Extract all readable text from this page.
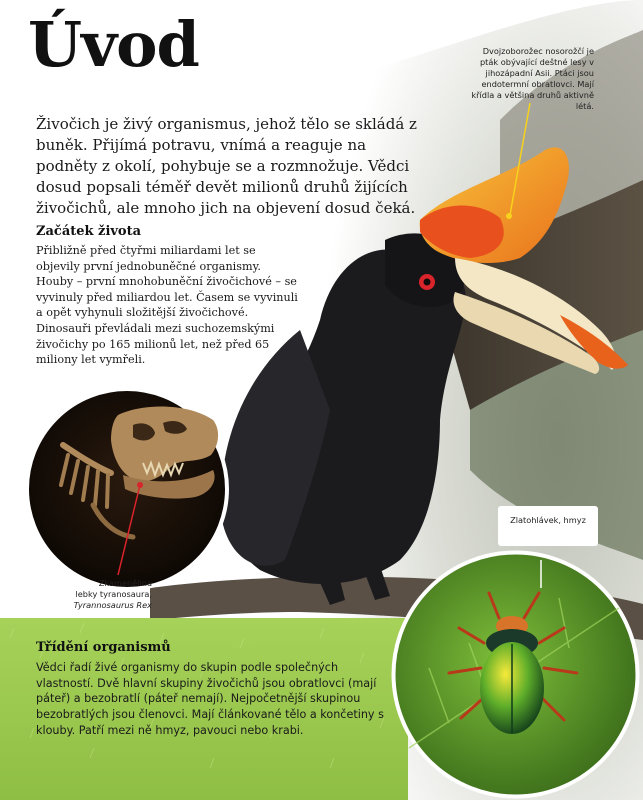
Úvod
Živočich je živý organismus, jehož tělo se skládá z buněk. Přijímá potravu, vnímá a reaguje na podněty z okolí, pohybuje se a rozmnožuje. Vědci dosud popsali téměř devět milionů druhů žijících živočichů, ale mnoho jich na objevení dosud čeká.
Začátek života
Přibližně před čtyřmi miliardami let se objevily první jednobuněčné organismy. Houby – první mnohobuněční živočichové – se vyvinuly před miliardou let. Časem se vyvinuli a opět vyhynuli složitější živočichové. Dinosauři převládali mezi suchozemskými živočichy po 165 milionů let, než před 65 miliony let vymřeli.
Dvojzoborožec nosorožčí je pták obývající deštné lesy v jihozápadní Asii. Ptáci jsou endotermní obratlovci. Mají křídla a většina druhů aktivně létá.
Zkamenělina
lebky tyranosaura,
Tyrannosaurus Rex
Třídění organismů
Vědci řadí živé organismy do skupin podle společných vlastností. Dvě hlavní skupiny živočichů jsou obratlovci (mají páteř) a bezobratlí (páteř nemají). Nejpočetnější skupinou bezobratlých jsou členovci. Mají článkované tělo a končetiny s klouby. Patří mezi ně hmyz, pavouci nebo krabi.
Zlatohlávek, hmyz
